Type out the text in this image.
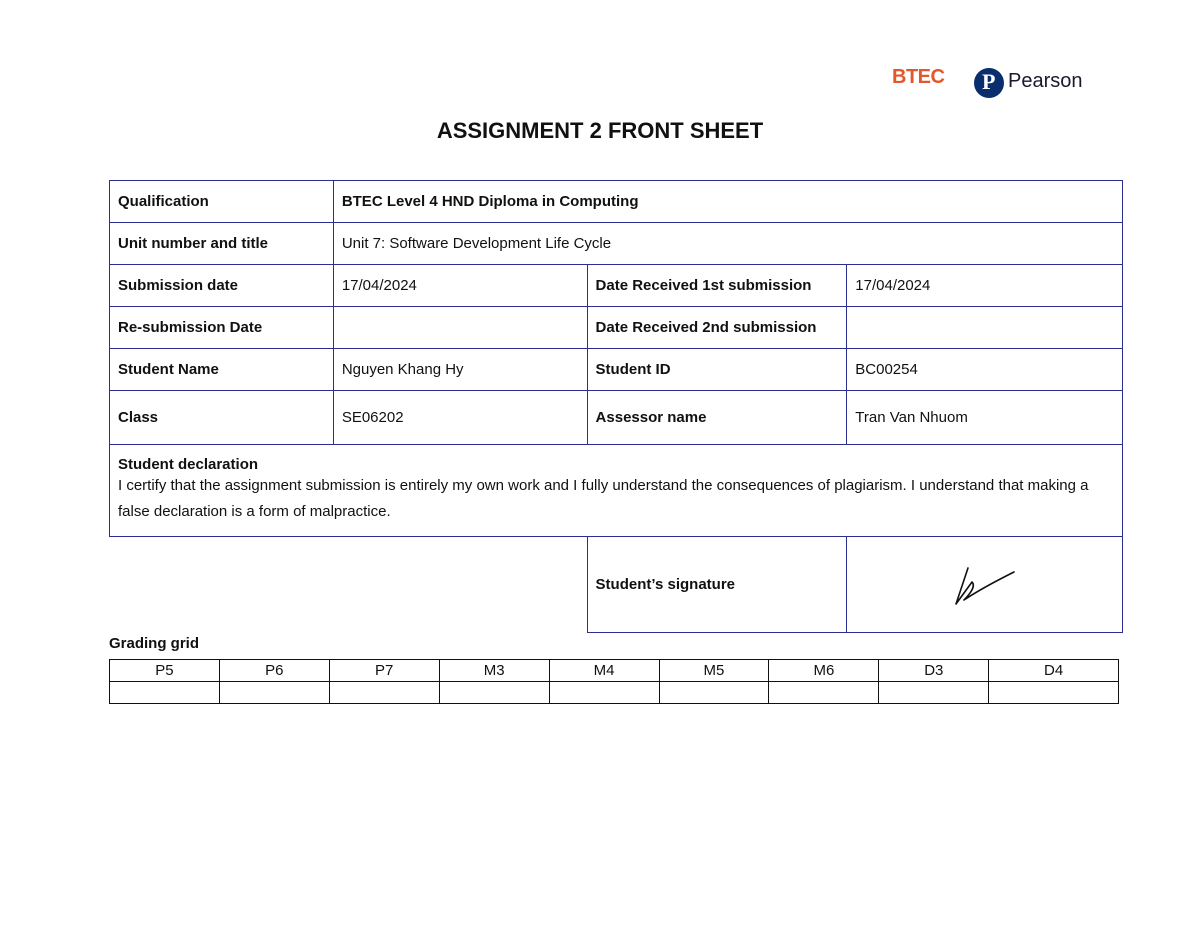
BTEC P Pearson
ASSIGNMENT 2 FRONT SHEET
Qualification	BTEC Level 4 HND Diploma in Computing		
Unit number and title	Unit 7: Software Development Life Cycle		
Submission date	17/04/2024	Date Received 1st submission	17/04/2024
Re-submission Date		Date Received 2nd submission	
Student Name	Nguyen Khang Hy	Student ID	BC00254
Class	SE06202	Assessor name	Tran Van Nhuom

Student declaration
I certify that the assignment submission is entirely my own work and I fully understand the consequences of plagiarism. I understand that making a false declaration is a form of malpractice.			

		Student’s signature	

Grading grid

P5	P6	P7	M3	M4	M5	M6	D3	D4
